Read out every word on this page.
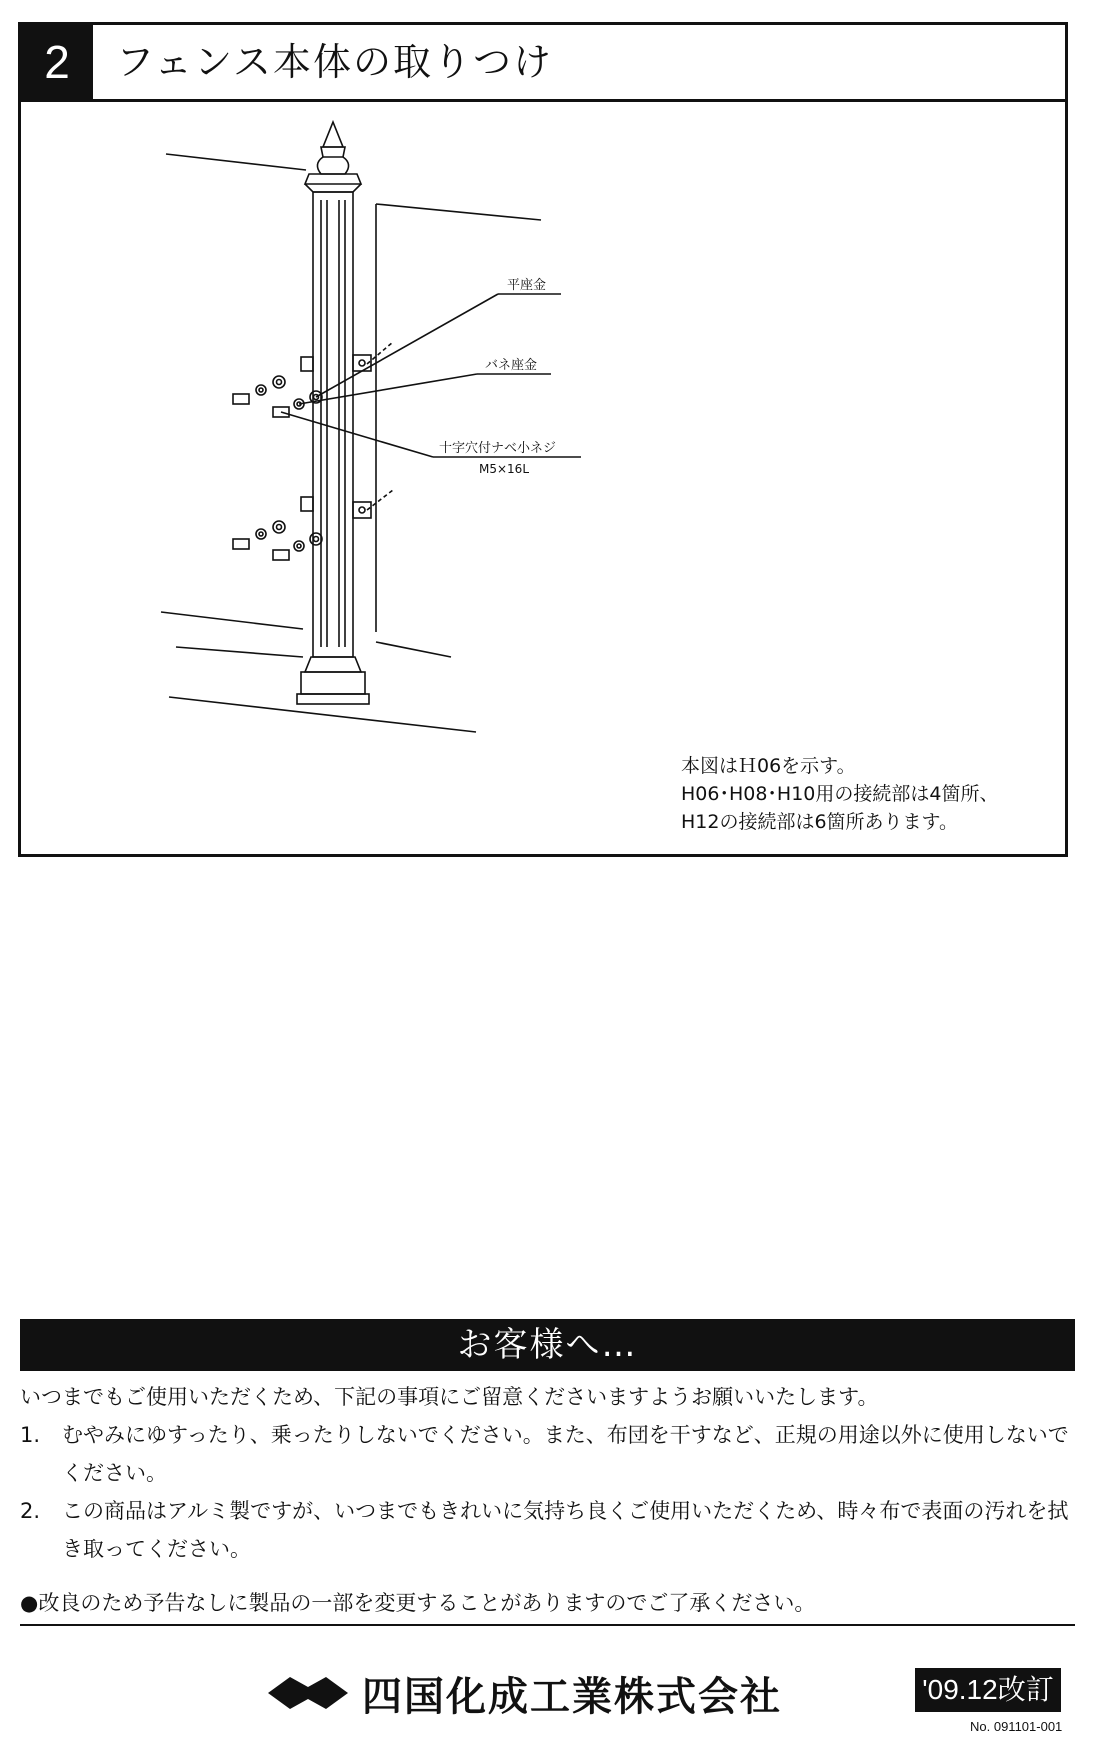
2	フェンス本体の取りつけ
平座金
バネ座金
十字穴付ナベ小ネジ
M5×16L
本図はＨ06を示す。
H06･H08･H10用の接続部は4箇所、
H12の接続部は6箇所あります。
お客様へ…

いつまでもご使用いただくため、下記の事項にご留意くださいますようお願いいたします。

1.	むやみにゆすったり、乗ったりしないでください。また、布団を干すなど、正規の用途以外に使用しないでください。
2.	この商品はアルミ製ですが、いつまでもきれいに気持ち良くご使用いただくため、時々布で表面の汚れを拭き取ってください。
●改良のため予告なしに製品の一部を変更することがありますのでご了承ください。
四国化成工業株式会社	'09.12改訂
No. 091101-001
